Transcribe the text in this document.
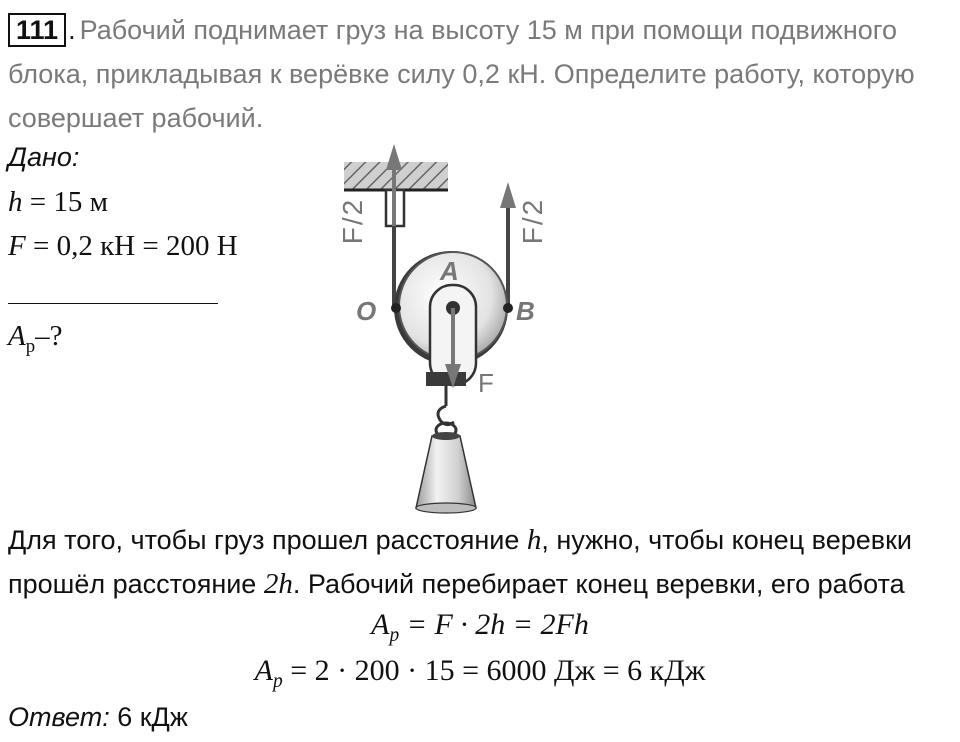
111 . Рабочий поднимает груз на высоту 15 м при помощи подвижного блока, прикладывая к верёвке силу 0,2 кН. Определите работу, которую совершает рабочий.
Дано:
h = 15 м
F = 0,2 кН = 200 Н
$A_р-$?
F/2
F/2
A
O	B
F
Для того, чтобы груз прошел расстояние h, нужно, чтобы конец веревки
прошёл расстояние 2h. Рабочий перебирает конец веревки, его работа
$A_p = F \cdot 2h = 2Fh$
$A_p = 2 \cdot 200 \cdot 15 = 6000$ Дж = 6 кДж
Ответ: 6 кДж
